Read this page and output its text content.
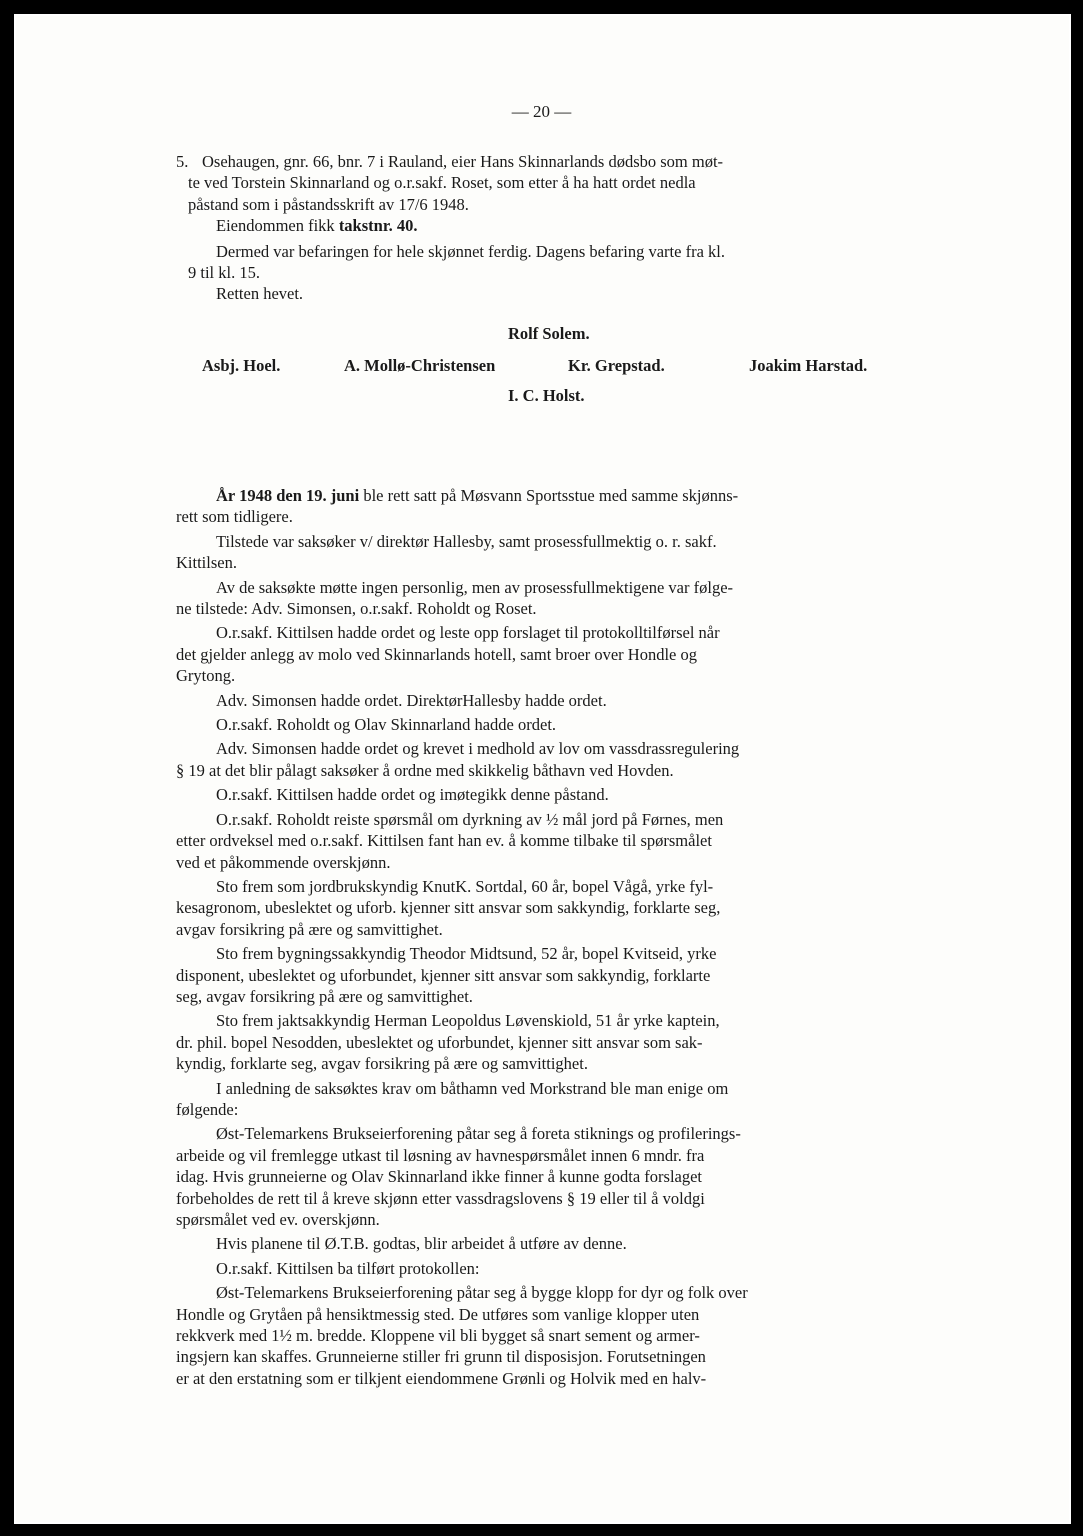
— 20 —

5. Osehaugen, gnr. 66, bnr. 7 i Rauland, eier Hans Skinnarlands dødsbo som møt-
te ved Torstein Skinnarland og o.r.sakf. Roset, som etter å ha hatt ordet nedla
påstand som i påstandsskrift av 17/6 1948.
Eiendommen fikk takstnr. 40.

Dermed var befaringen for hele skjønnet ferdig. Dagens befaring varte fra kl.
9 til kl. 15.
Retten hevet.

Rolf Solem.
Asbj. Hoel.	A. Mollø-Christensen	Kr. Grepstad.	Joakim Harstad.
I. C. Holst.

År 1948 den 19. juni ble rett satt på Møsvann Sportsstue med samme skjønns-
rett som tidligere.

Tilstede var saksøker v/ direktør Hallesby, samt prosessfullmektig o. r. sakf.
Kittilsen.

Av de saksøkte møtte ingen personlig, men av prosessfullmektigene var følge-
ne tilstede: Adv. Simonsen, o.r.sakf. Roholdt og Roset.

O.r.sakf. Kittilsen hadde ordet og leste opp forslaget til protokolltilførsel når
det gjelder anlegg av molo ved Skinnarlands hotell, samt broer over Hondle og
Grytong.

Adv. Simonsen hadde ordet. DirektørHallesby hadde ordet.

O.r.sakf. Roholdt og Olav Skinnarland hadde ordet.

Adv. Simonsen hadde ordet og krevet i medhold av lov om vassdrassregulering
§ 19 at det blir pålagt saksøker å ordne med skikkelig båthavn ved Hovden.

O.r.sakf. Kittilsen hadde ordet og imøtegikk denne påstand.

O.r.sakf. Roholdt reiste spørsmål om dyrkning av ½ mål jord på Førnes, men
etter ordveksel med o.r.sakf. Kittilsen fant han ev. å komme tilbake til spørsmålet
ved et påkommende overskjønn.

Sto frem som jordbrukskyndig KnutK. Sortdal, 60 år, bopel Vågå, yrke fyl-
kesagronom, ubeslektet og uforb. kjenner sitt ansvar som sakkyndig, forklarte seg,
avgav forsikring på ære og samvittighet.

Sto frem bygningssakkyndig Theodor Midtsund, 52 år, bopel Kvitseid, yrke
disponent, ubeslektet og uforbundet, kjenner sitt ansvar som sakkyndig, forklarte
seg, avgav forsikring på ære og samvittighet.

Sto frem jaktsakkyndig Herman Leopoldus Løvenskiold, 51 år yrke kaptein,
dr. phil. bopel Nesodden, ubeslektet og uforbundet, kjenner sitt ansvar som sak-
kyndig, forklarte seg, avgav forsikring på ære og samvittighet.

I anledning de saksøktes krav om båthamn ved Morkstrand ble man enige om
følgende:

Øst-Telemarkens Brukseierforening påtar seg å foreta stiknings og profilerings-
arbeide og vil fremlegge utkast til løsning av havnespørsmålet innen 6 mndr. fra
idag. Hvis grunneierne og Olav Skinnarland ikke finner å kunne godta forslaget
forbeholdes de rett til å kreve skjønn etter vassdragslovens § 19 eller til å voldgi
spørsmålet ved ev. overskjønn.

Hvis planene til Ø.T.B. godtas, blir arbeidet å utføre av denne.

O.r.sakf. Kittilsen ba tilført protokollen:

Øst-Telemarkens Brukseierforening påtar seg å bygge klopp for dyr og folk over
Hondle og Grytåen på hensiktmessig sted. De utføres som vanlige klopper uten
rekkverk med 1½ m. bredde. Kloppene vil bli bygget så snart sement og armer-
ingsjern kan skaffes. Grunneierne stiller fri grunn til disposisjon. Forutsetningen
er at den erstatning som er tilkjent eiendommene Grønli og Holvik med en halv-
